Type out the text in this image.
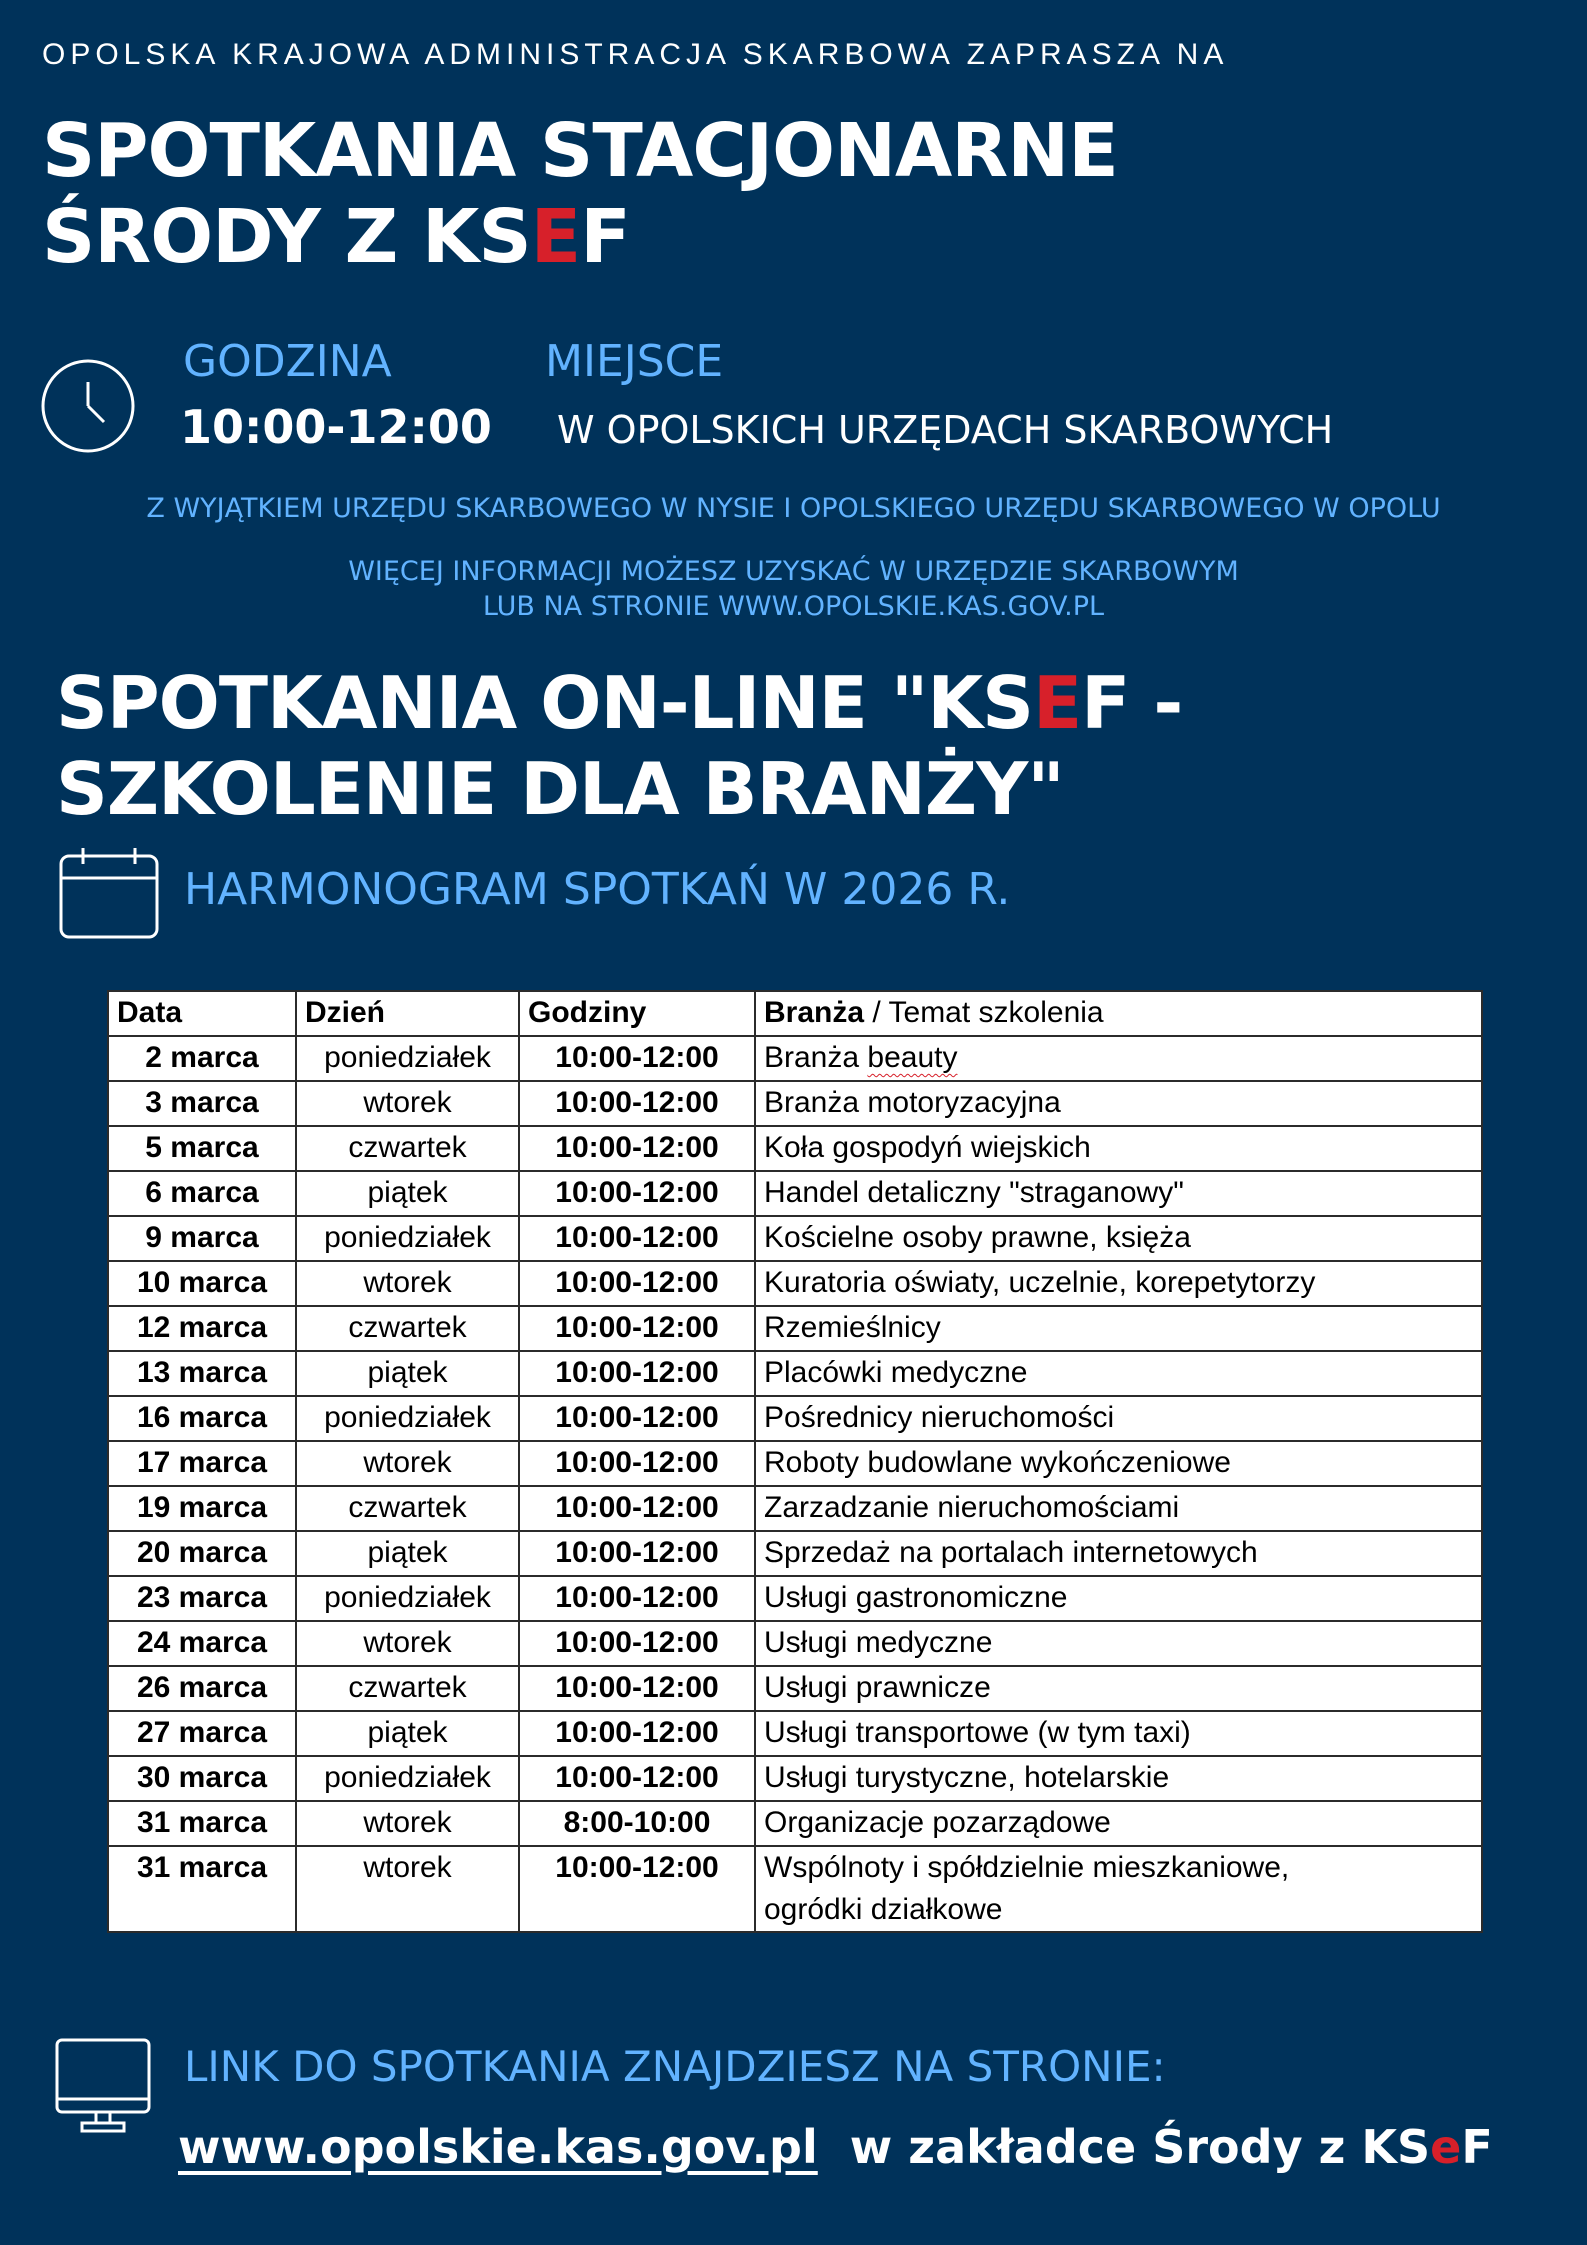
OPOLSKA KRAJOWA ADMINISTRACJA SKARBOWA ZAPRASZA NA
SPOTKANIA STACJONARNE
ŚRODY Z KSEF
GODZINA
10:00-12:00
MIEJSCE
W OPOLSKICH URZĘDACH SKARBOWYCH
Z WYJĄTKIEM URZĘDU SKARBOWEGO W NYSIE I OPOLSKIEGO URZĘDU SKARBOWEGO W OPOLU
WIĘCEJ INFORMACJI MOŻESZ UZYSKAĆ W URZĘDZIE SKARBOWYM
LUB NA STRONIE WWW.OPOLSKIE.KAS.GOV.PL
SPOTKANIA ON-LINE "KSEF -
SZKOLENIE DLA BRANŻY"
HARMONOGRAM SPOTKAŃ W 2026 R.
Data	Dzień	Godziny	Branża / Temat szkolenia
2 marca	poniedziałek	10:00-12:00	Branża beauty
3 marca	wtorek	10:00-12:00	Branża motoryzacyjna
5 marca	czwartek	10:00-12:00	Koła gospodyń wiejskich
6 marca	piątek	10:00-12:00	Handel detaliczny "straganowy"
9 marca	poniedziałek	10:00-12:00	Kościelne osoby prawne, księża
10 marca	wtorek	10:00-12:00	Kuratoria oświaty, uczelnie, korepetytorzy
12 marca	czwartek	10:00-12:00	Rzemieślnicy
13 marca	piątek	10:00-12:00	Placówki medyczne
16 marca	poniedziałek	10:00-12:00	Pośrednicy nieruchomości
17 marca	wtorek	10:00-12:00	Roboty budowlane wykończeniowe
19 marca	czwartek	10:00-12:00	Zarzadzanie nieruchomościami
20 marca	piątek	10:00-12:00	Sprzedaż na portalach internetowych
23 marca	poniedziałek	10:00-12:00	Usługi gastronomiczne
24 marca	wtorek	10:00-12:00	Usługi medyczne
26 marca	czwartek	10:00-12:00	Usługi prawnicze
27 marca	piątek	10:00-12:00	Usługi transportowe (w tym taxi)
30 marca	poniedziałek	10:00-12:00	Usługi turystyczne, hotelarskie
31 marca	wtorek	8:00-10:00	Organizacje pozarządowe
31 marca	wtorek	10:00-12:00	Wspólnoty i spółdzielnie mieszkaniowe,
ogródki działkowe
LINK DO SPOTKANIA ZNAJDZIESZ NA STRONIE:
www.opolskie.kas.gov.pl  w zakładce Środy z KSeF
